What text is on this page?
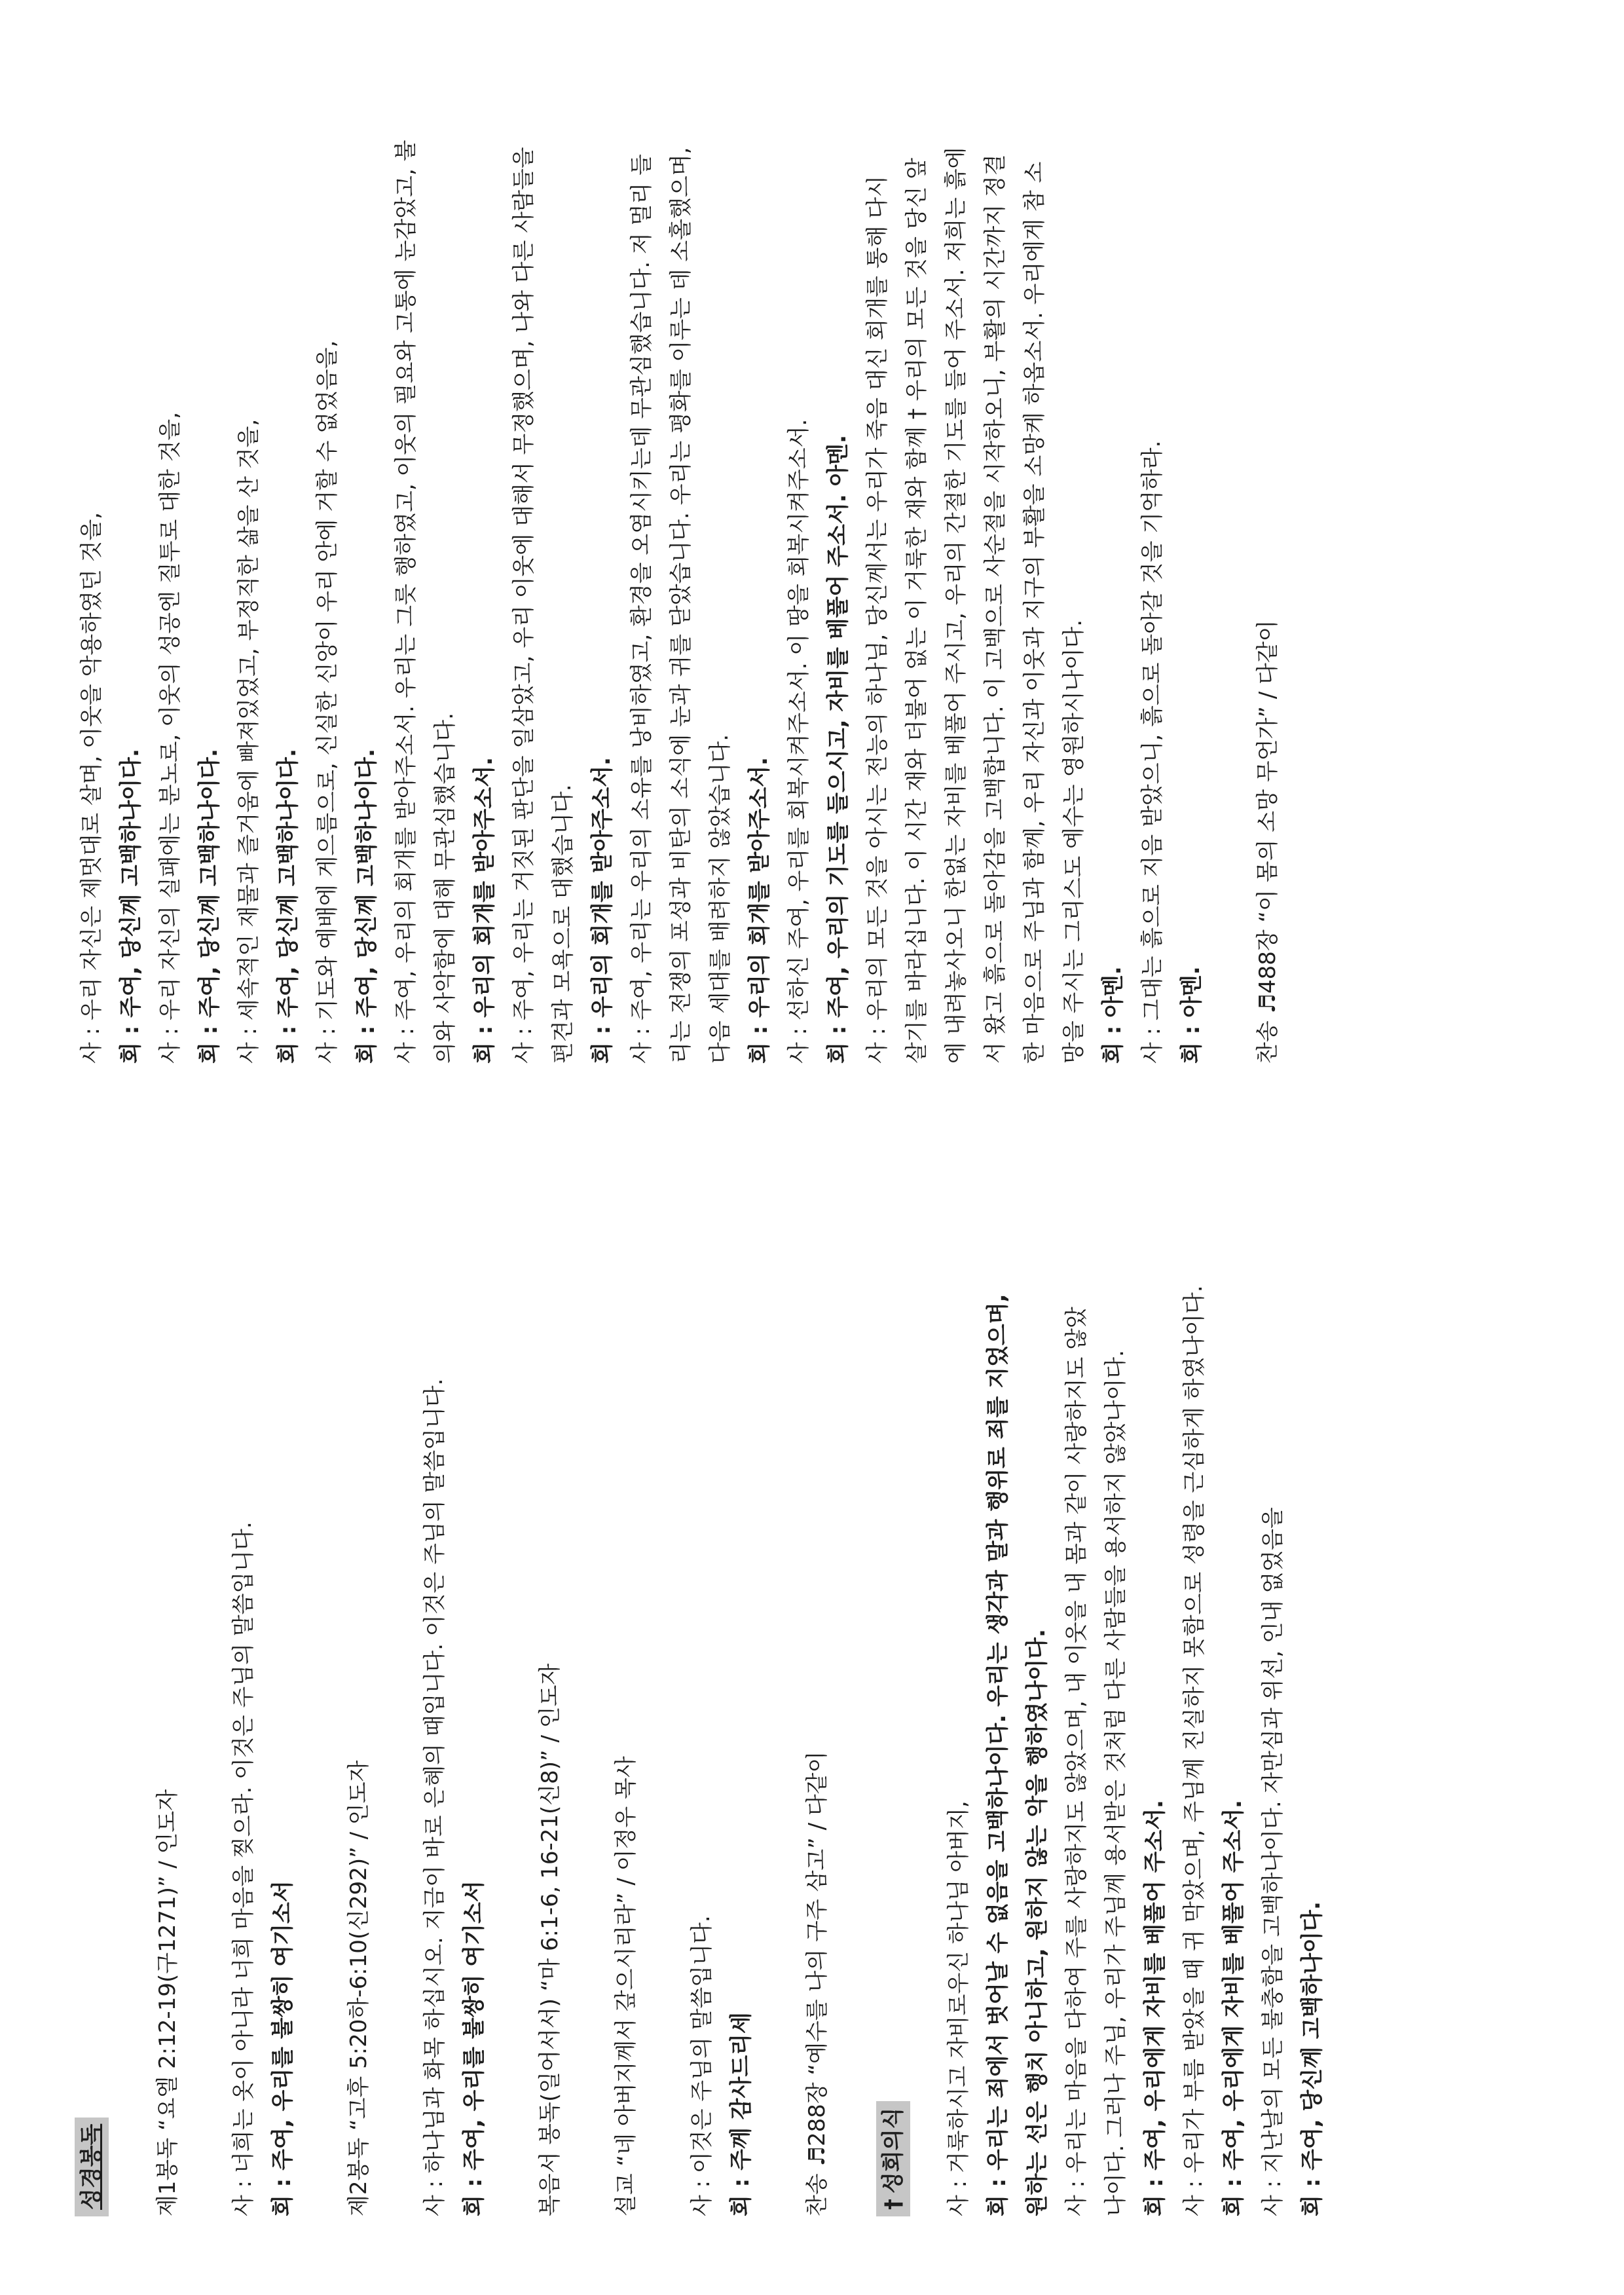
성경봉독 제1봉독 “요엘 2:12-19(구1271)” / 인도자 사 : 너희는 옷이 아니라 너희 마음을 찢으라. 이것은 주님의 말씀입니다. 회 : 주여, 우리를 불쌍히 여기소서 제2봉독 “고후 5:20하-6:10(신292)” / 인도자 사 : 하나님과 화목 하십시오. 지금이 바로 은혜의 때입니다. 이것은 주님의 말씀입니다. 회 : 주여, 우리를 불쌍히 여기소서 복음서 봉독(일어서서) “마 6:1-6, 16-21(신8)” / 인도자 설교 “네 아버지께서 갚으시리라” / 이정우 목사 사 : 이것은 주님의 말씀입니다. 회 : 주께 감사드리세 찬송 ♬288장 “예수를 나의 구주 삼고” / 다같이 †성회의식 사 : 거룩하시고 자비로우신 하나님 아버지, 회 : 우리는 죄에서 벗어날 수 없음을 고백하나이다. 우리는 생각과 말과 행위로 죄를 지었으며, 원하는 선은 행치 아니하고, 원하지 않는 악을 행하였나이다. 사 : 우리는 마음을 다하여 주를 사랑하지도 않았으며, 내 이웃을 내 몸과 같이 사랑하지도 않았 나이다. 그러나 주님, 우리가 주님께 용서받은 것처럼 다른 사람들을 용서하지 않았나이다. 회 : 주여, 우리에게 자비를 베풀어 주소서. 사 : 우리가 부름 받았을 때 귀 막았으며, 주님께 진실하지 못함으로 성령을 근심하게 하였나이다. 회 : 주여, 우리에게 자비를 베풀어 주소서. 사 : 지난날의 모든 불충함을 고백하나이다. 자만심과 위선, 인내 없었음을 회 : 주여, 당신께 고백하나이다.
사 : 우리 자신은 제멋대로 살며, 이웃을 악용하였던 것을, 회 : 주여, 당신께 고백하나이다. 사 : 우리 자신의 실패에는 분노로, 이웃의 성공엔 질투로 대한 것을, 회 : 주여, 당신께 고백하나이다. 사 : 세속적인 재물과 즐거움에 빠져있었고, 부정직한 삶을 산 것을, 회 : 주여, 당신께 고백하나이다. 사 : 기도와 예배에 게으름으로, 신실한 신앙이 우리 안에 거할 수 없었음을, 회 : 주여, 당신께 고백하나이다. 사 : 주여, 우리의 회개를 받아주소서. 우리는 그릇 행하였고, 이웃의 필요와 고통에 눈감았고, 불 의와 사악함에 대해 무관심했습니다. 회 : 우리의 회개를 받아주소서. 사 : 주여, 우리는 거짓된 판단을 일삼았고, 우리 이웃에 대해서 무정했으며, 나와 다른 사람들을 편견과 모욕으로 대했습니다. 회 : 우리의 회개를 받아주소서. 사 : 주여, 우리는 우리의 소유를 낭비하였고, 환경을 오염시키는데 무관심했습니다. 저 멀리 들 리는 전쟁의 포성과 비탄의 소식에 눈과 귀를 닫았습니다. 우리는 평화를 이루는 데 소홀했으며, 다음 세대를 배려하지 않았습니다. 회 : 우리의 회개를 받아주소서. 사 : 선하신 주여, 우리를 회복시켜주소서. 이 땅을 회복시켜주소서. 회 : 주여, 우리의 기도를 들으시고, 자비를 베풀어 주소서. 아멘. 사 : 우리의 모든 것을 아시는 전능의 하나님, 당신께서는 우리가 죽음 대신 회개를 통해 다시 살기를 바라십니다. 이 시간 재와 더불어 없는 이 거룩한 재와 함께 † 우리의 모든 것을 당신 앞 에 내려놓사오니 한없는 자비를 베풀어 주시고, 우리의 간절한 기도를 들어 주소서. 저희는 흙에 서 왔고 흙으로 돌아감을 고백합니다. 이 고백으로 사순절을 시작하오니, 부활의 시간까지 정결 한 마음으로 주님과 함께, 우리 자신과 이웃과 지구의 부활을 소망케 하옵소서. 우리에게 참 소 망을 주시는 그리스도 예수는 영원하시나이다. 회 : 아멘. 사 : 그대는 흙으로 지음 받았으니, 흙으로 돌아갈 것을 기억하라. 회 : 아멘. 찬송 ♬488장 “이 몸의 소망 무언가” / 다같이
